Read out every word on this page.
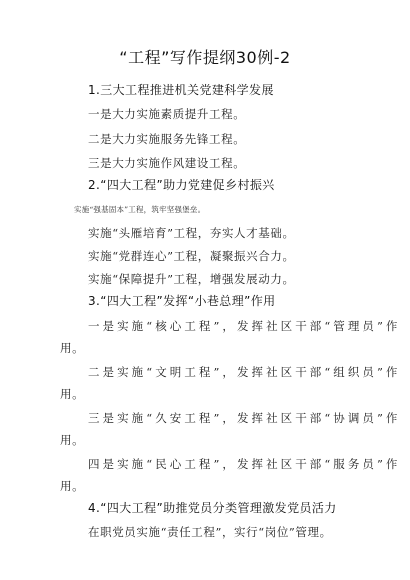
“工程”写作提纲30例-2
1.三大工程推进机关党建科学发展
一是大力实施素质提升工程。
二是大力实施服务先锋工程。
三是大力实施作风建设工程。
2.“四大工程”助力党建促乡村振兴
实施“强基固本”工程，筑牢坚强堡垒。
实施“头雁培育”工程，夯实人才基础。
实施“党群连心”工程，凝聚振兴合力。
实施“保障提升”工程，增强发展动力。
3.“四大工程”发挥“小巷总理”作用
一是实施“核心工程”，发挥社区干部“管理员”作
用。
二是实施“文明工程”，发挥社区干部“组织员”作
用。
三是实施“久安工程”，发挥社区干部“协调员”作
用。
四是实施“民心工程”，发挥社区干部“服务员”作
用。
4.“四大工程”助推党员分类管理激发党员活力
在职党员实施“责任工程”，实行“岗位”管理。
